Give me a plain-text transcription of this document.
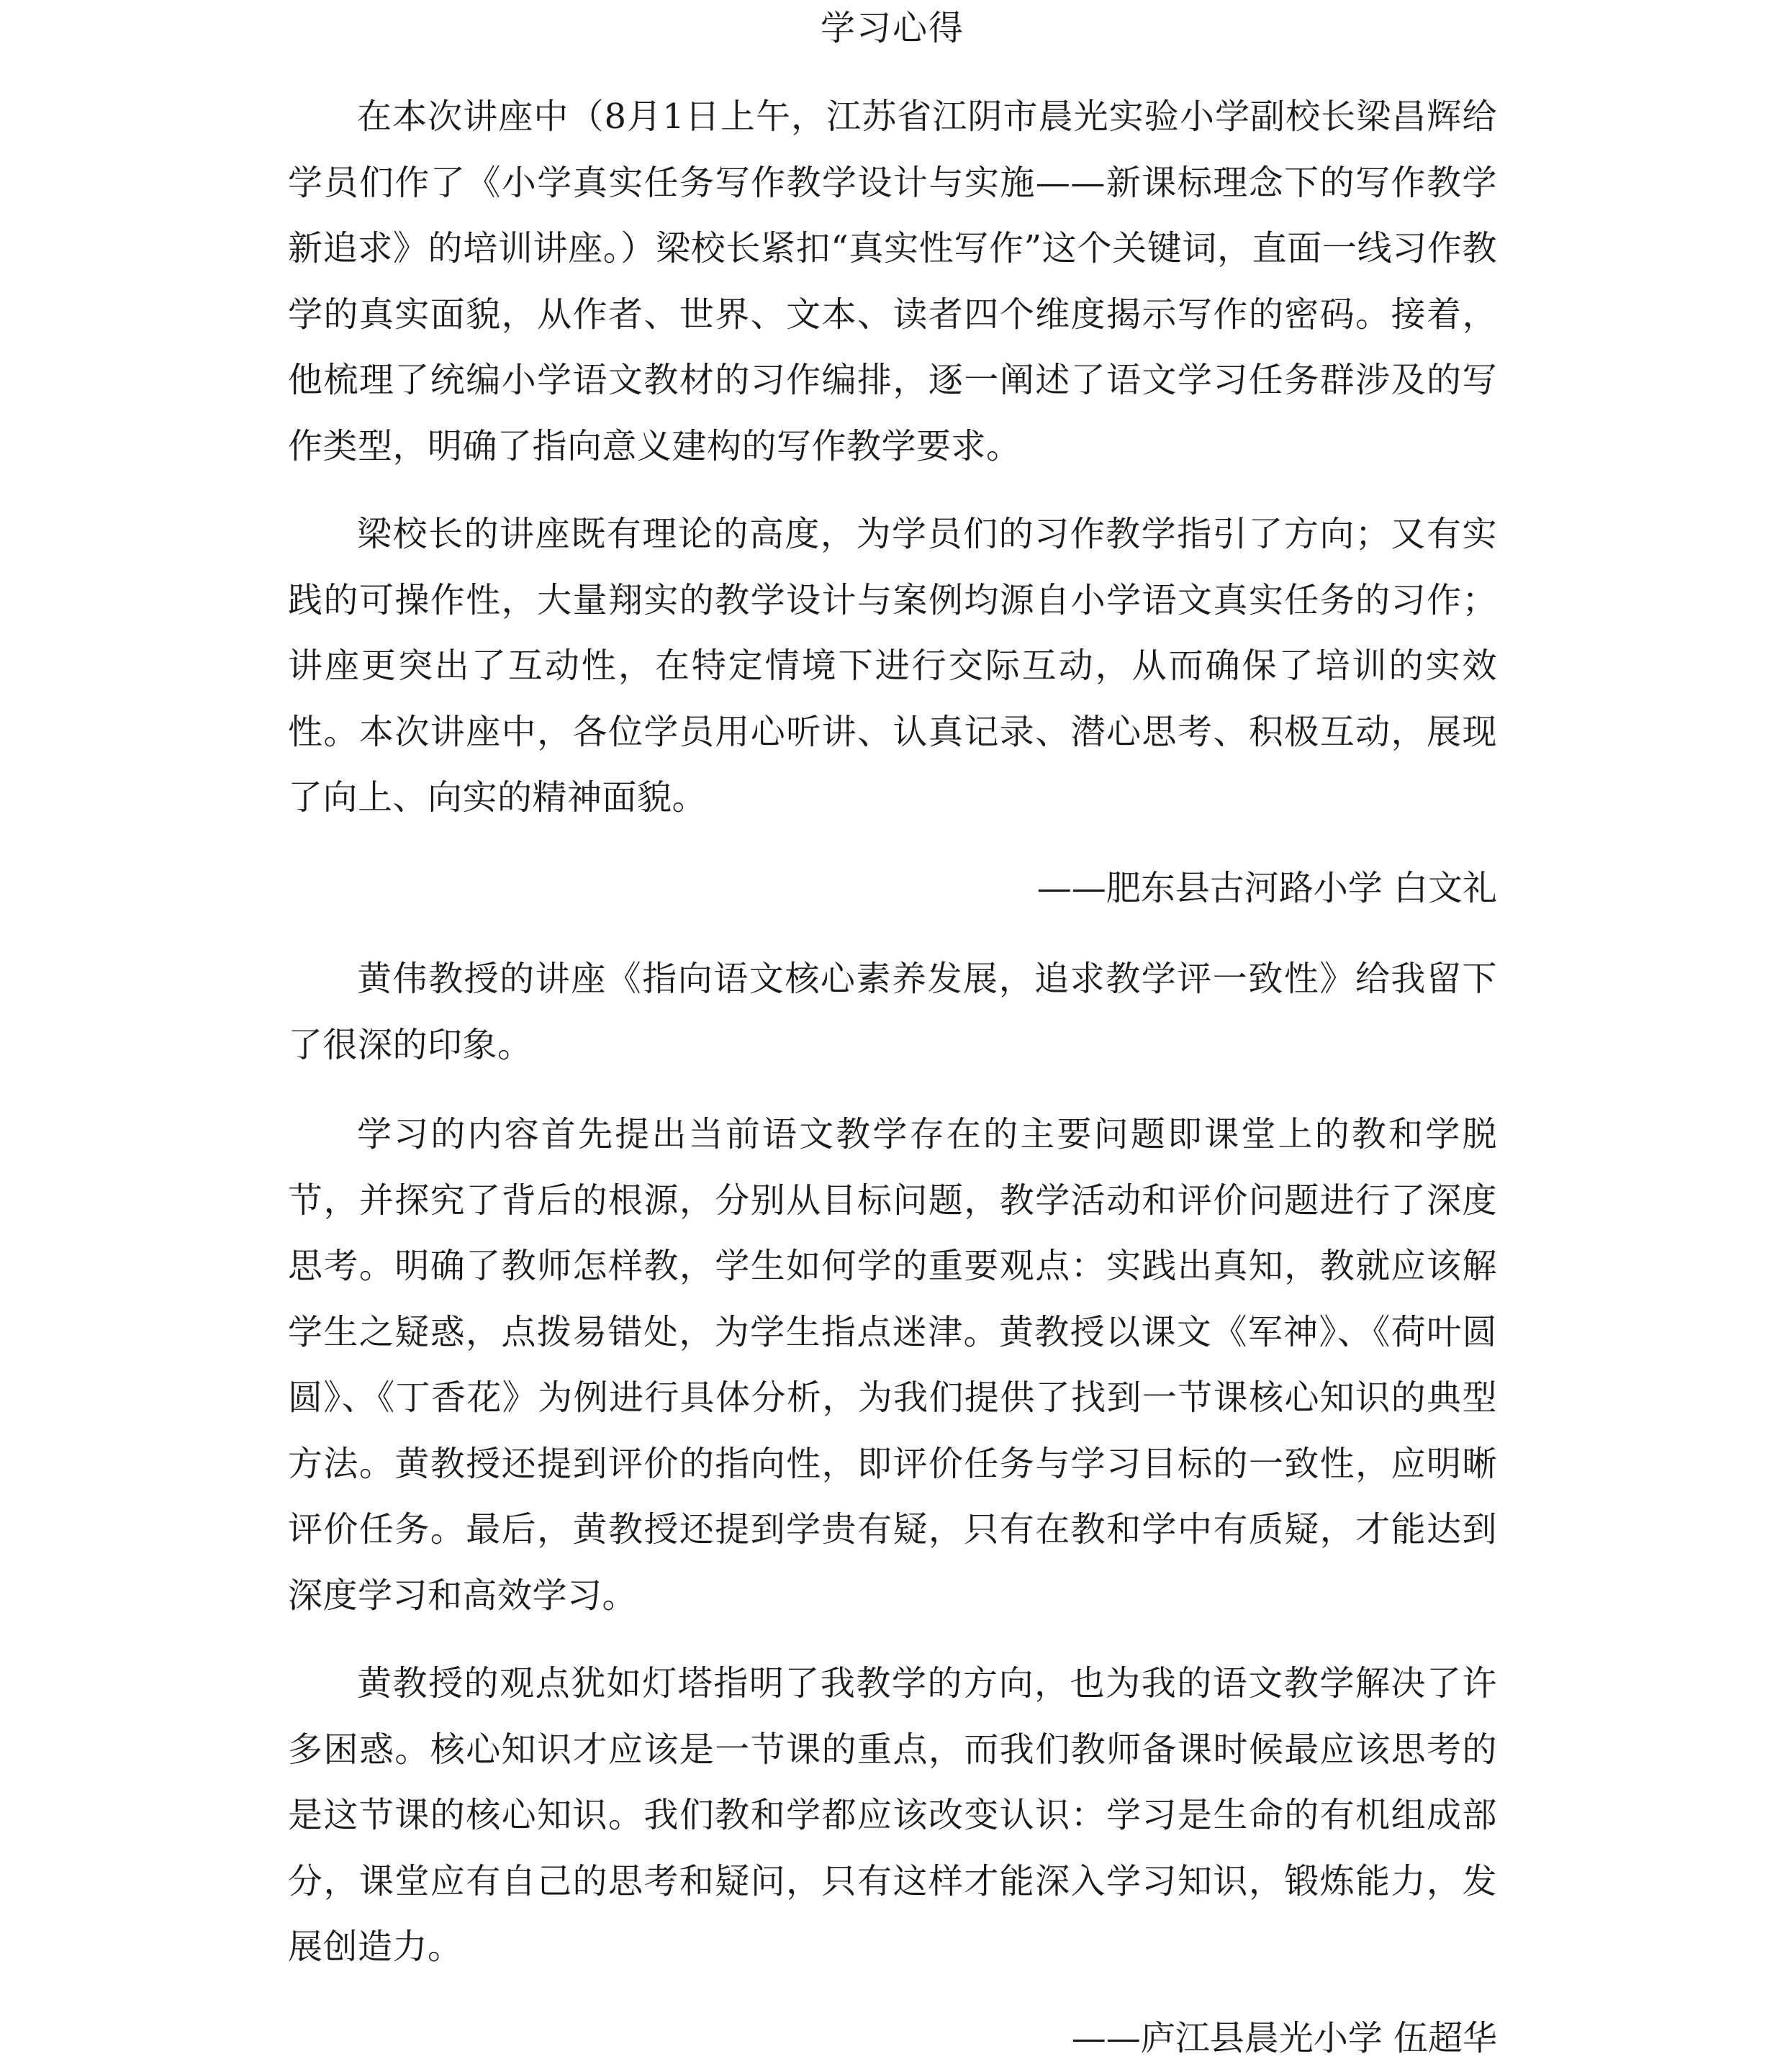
学习心得

在本次讲座中（8月1日上午，江苏省江阴市晨光实验小学副校长梁昌辉给学员们作了《小学真实任务写作教学设计与实施——新课标理念下的写作教学新追求》的培训讲座。）梁校长紧扣“真实性写作”这个关键词，直面一线习作教学的真实面貌，从作者、世界、文本、读者四个维度揭示写作的密码。接着，他梳理了统编小学语文教材的习作编排，逐一阐述了语文学习任务群涉及的写作类型，明确了指向意义建构的写作教学要求。

梁校长的讲座既有理论的高度，为学员们的习作教学指引了方向；又有实践的可操作性，大量翔实的教学设计与案例均源自小学语文真实任务的习作；讲座更突出了互动性，在特定情境下进行交际互动，从而确保了培训的实效性。本次讲座中，各位学员用心听讲、认真记录、潜心思考、积极互动，展现了向上、向实的精神面貌。

——肥东县古河路小学 白文礼

黄伟教授的讲座《指向语文核心素养发展，追求教学评一致性》给我留下了很深的印象。

学习的内容首先提出当前语文教学存在的主要问题即课堂上的教和学脱节，并探究了背后的根源，分别从目标问题，教学活动和评价问题进行了深度思考。明确了教师怎样教，学生如何学的重要观点：实践出真知，教就应该解学生之疑惑，点拨易错处，为学生指点迷津。黄教授以课文《军神》、《荷叶圆圆》、《丁香花》为例进行具体分析，为我们提供了找到一节课核心知识的典型方法。黄教授还提到评价的指向性，即评价任务与学习目标的一致性，应明晰评价任务。最后，黄教授还提到学贵有疑，只有在教和学中有质疑，才能达到深度学习和高效学习。

黄教授的观点犹如灯塔指明了我教学的方向，也为我的语文教学解决了许多困惑。核心知识才应该是一节课的重点，而我们教师备课时候最应该思考的是这节课的核心知识。我们教和学都应该改变认识：学习是生命的有机组成部分，课堂应有自己的思考和疑问，只有这样才能深入学习知识，锻炼能力，发展创造力。

——庐江县晨光小学 伍超华
